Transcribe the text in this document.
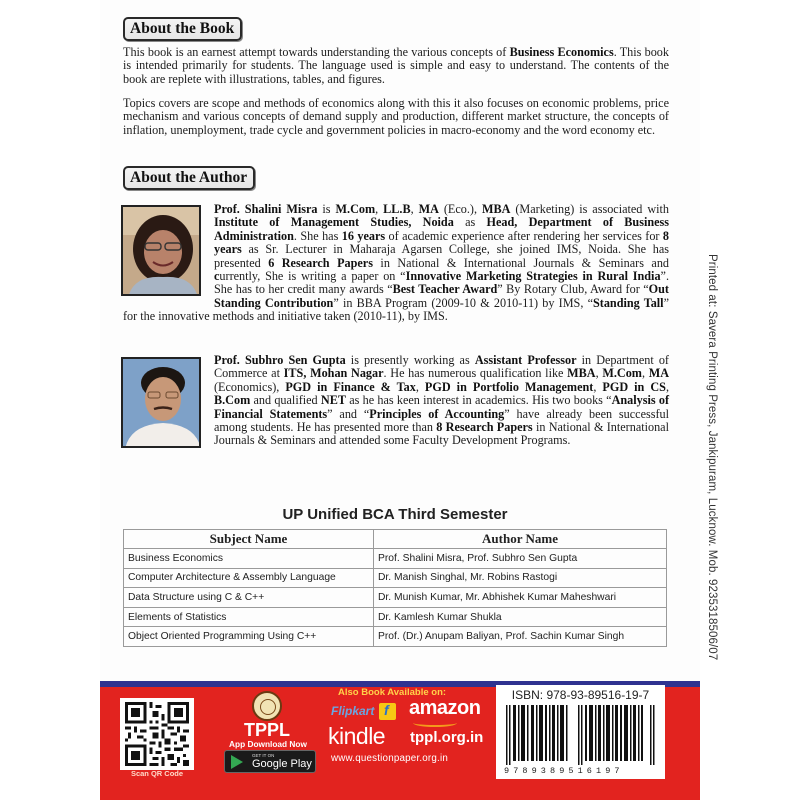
About the Book

This book is an earnest attempt towards understanding the various concepts of Business Economics. This book is intended primarily for students. The language used is simple and easy to understand. The contents of the book are replete with illustrations, tables, and figures.

Topics covers are scope and methods of economics along with this it also focuses on economic problems, price mechanism and various concepts of demand supply and production, different market structure, the concepts of inflation, unemployment, trade cycle and government policies in macro-economy and the word economy etc.

About the Author

Prof. Shalini Misra is M.Com, LL.B, MA (Eco.), MBA (Marketing) is associated with Institute of Management Studies, Noida as Head, Department of Business Administration. She has 16 years of academic experience after rendering her services for 8 years as Sr. Lecturer in Maharaja Agarsen College, she joined IMS, Noida. She has presented 6 Research Papers in National & International Journals & Seminars and currently, She is writing a paper on “Innovative Marketing Strategies in Rural India”. She has to her credit many awards “Best Teacher Award” By Rotary Club, Award for “Out Standing Contribution” in BBA Program (2009-10 & 2010-11) by IMS, “Standing Tall” for the innovative methods and initiative taken (2010-11), by IMS.

Prof. Subhro Sen Gupta is presently working as Assistant Professor in Department of Commerce at ITS, Mohan Nagar. He has numerous qualification like MBA, M.Com, MA (Economics), PGD in Finance & Tax, PGD in Portfolio Management, PGD in CS, B.Com and qualified NET as he has keen interest in academics. His two books “Analysis of Financial Statements” and “Principles of Accounting” have already been successful among students. He has presented more than 8 Research Papers in National & International Journals & Seminars and attended some Faculty Development Programs.	Printed at: Savera Printing Press, Jankipuram, Lucknow. Mob. 9235318506/07
UP Unified BCA Third Semester
Subject Name	Author Name
Business Economics	Prof. Shalini Misra, Prof. Subhro Sen Gupta
Computer Architecture & Assembly Language	Dr. Manish Singhal, Mr. Robins Rastogi
Data Structure using C & C++	Dr. Munish Kumar, Mr. Abhishek Kumar Maheshwari
Elements of Statistics	Dr. Kamlesh Kumar Shukla
Object Oriented Programming Using C++	Prof. (Dr.) Anupam Baliyan, Prof. Sachin Kumar Singh
Scan QR Code
TPPL
App Download Now
GET IT ON
Google Play
Also Book Available on:
Flipkart f amazon
kindle tppl.org.in
www.questionpaper.org.in
ISBN: 978-93-89516-19-7
9789389516197
